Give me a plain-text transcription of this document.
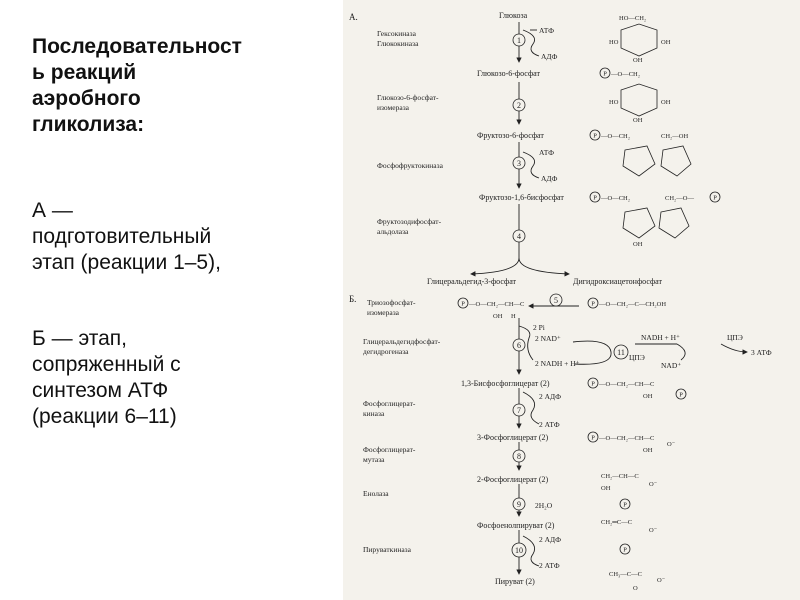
Последовательност
ь реакций
аэробного
гликолиза:
А —
подготовительный
этап (реакции 1–5),
Б — этап,
сопряженный с
синтезом АТФ
(реакции 6–11)
А.
Б.
1
2
3
4
5
6
7
8
9
10
11
Глюкоза
Глюкозо-6-фосфат
Фруктозо-6-фосфат
Фруктозо-1,6-бисфосфат
Глицеральдегид-3-фосфат	Дигидроксиацетонфосфат
1,3-Бисфосфоглицерат (2)
3-Фосфоглицерат (2)
2-Фосфоглицерат (2)
Фосфоенолпируват (2)
Пируват (2)
Гексокиназа
Глюкокиназа
Глюкозо-6-фосфат-
изомераза
Фосфофруктокиназа
Фруктозодифосфат-
альдолаза
Триозофосфат-
изомераза
Глицеральдегидфосфат-
дегидрогеназа
Фосфоглицерат-
киназа
Фосфоглицерат-
мутаза
Енолаза
Пируваткиназа
АТФ
АДФ
АТФ
АДФ
2 Pi
2 NAD⁺
2 NADH + H⁺
NADH + H⁺
NAD⁺
ЦПЭ
ЦПЭ
3 АТФ
2 АДФ
2 АТФ
2H₂O
2 АДФ
2 АТФ
HO—CH₂
HO	OH
OH
HO	OH
OH
CH₂—OH
CH₂—O—
OH
P
P
P	P
P	P
P
P
P
P
P
—O—CH₂
—O—CH₂
—O—CH₂
—O—CH₂—CH—C
OH H
—O—CH₂—C—CH₂OH
—O—CH₂—CH—C
OH
—O—CH₂—CH—C
OH
O⁻
CH₂—CH—C
OH
O⁻
CH₂═C—C
O⁻
CH₃—C—C
O
O⁻
